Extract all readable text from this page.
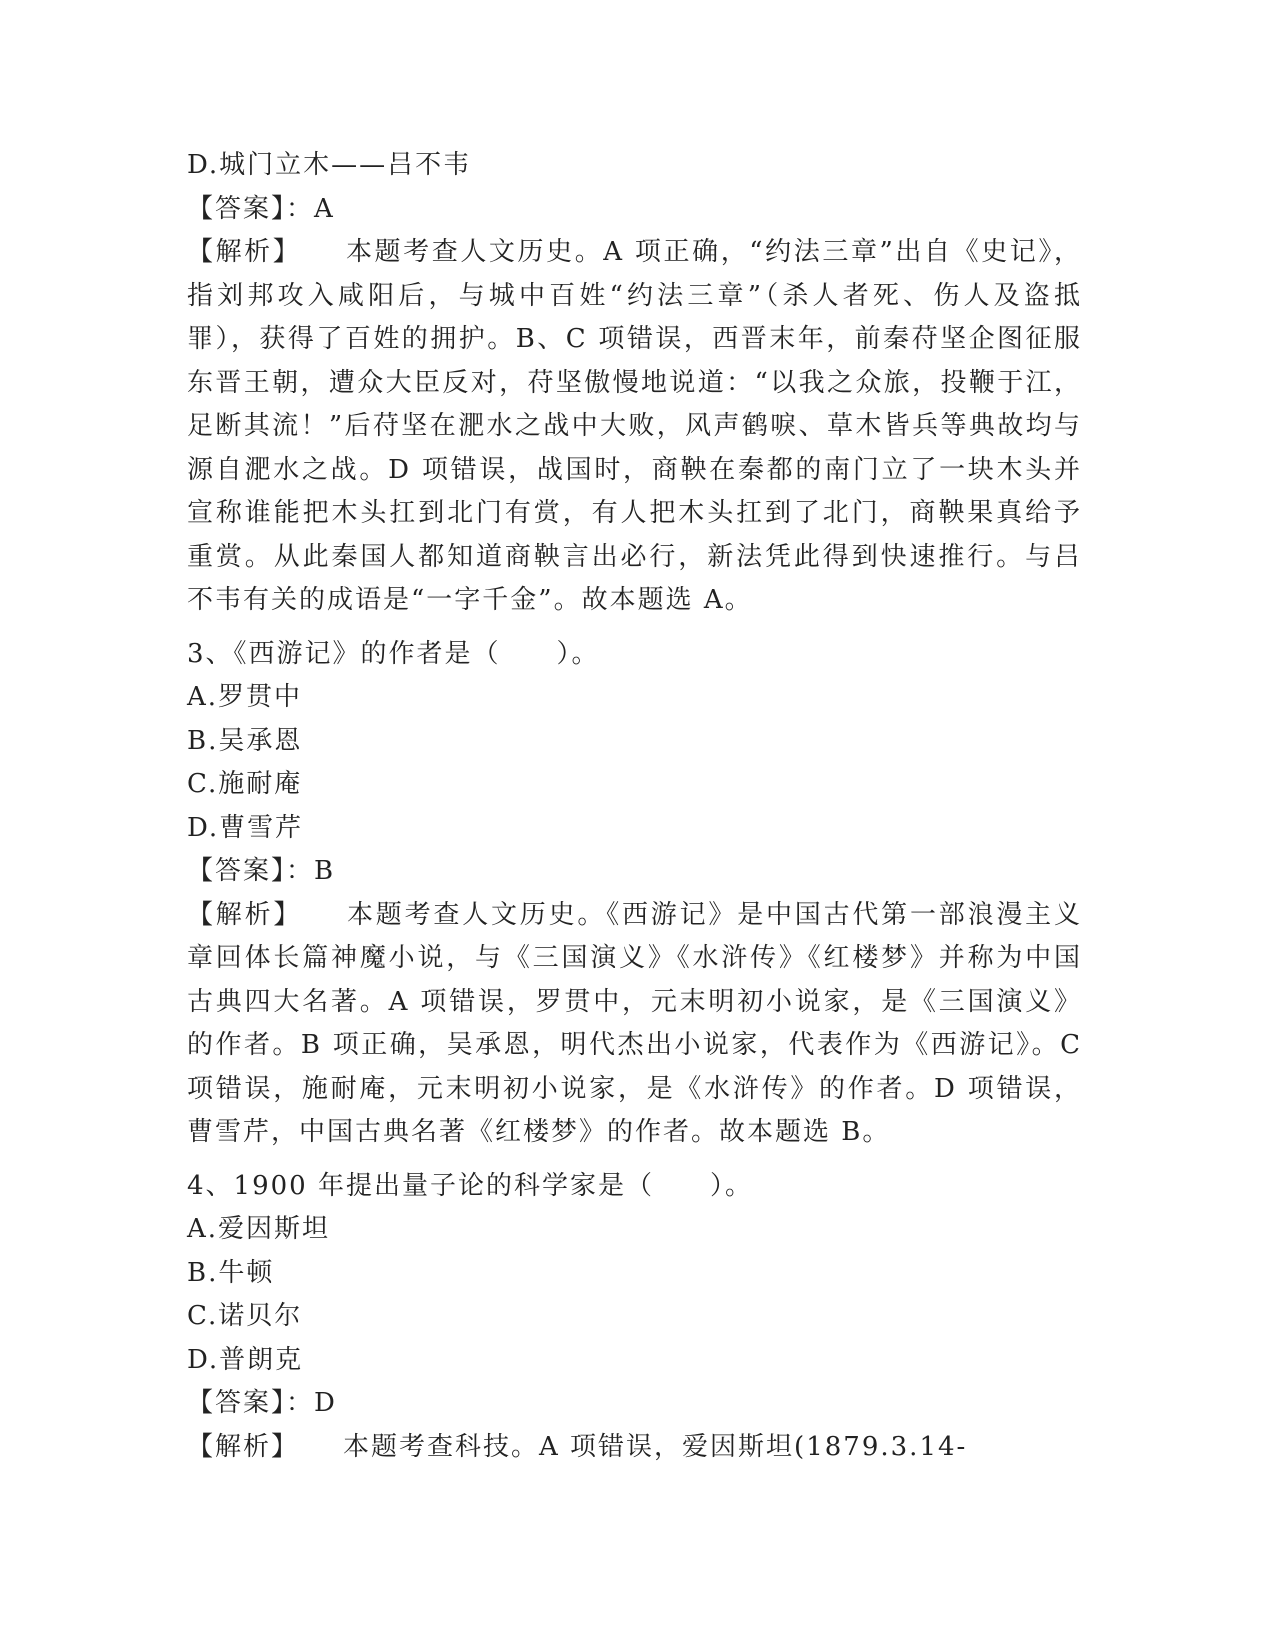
D.城门立木——吕不韦
【答案】：A
【解析】 本题考查人文历史。A 项正确，“约法三章”出自《史记》，指刘邦攻入咸阳后，与城中百姓“约法三章”（杀人者死、伤人及盗抵罪），获得了百姓的拥护。B、C 项错误，西晋末年，前秦苻坚企图征服东晋王朝，遭众大臣反对，苻坚傲慢地说道：“以我之众旅，投鞭于江，足断其流！”后苻坚在淝水之战中大败，风声鹤唳、草木皆兵等典故均与源自淝水之战。D 项错误，战国时，商鞅在秦都的南门立了一块木头并宣称谁能把木头扛到北门有赏，有人把木头扛到了北门，商鞅果真给予重赏。从此秦国人都知道商鞅言出必行，新法凭此得到快速推行。与吕不韦有关的成语是“一字千金”。故本题选 A。
3、《西游记》的作者是（　　）。
A.罗贯中
B.吴承恩
C.施耐庵
D.曹雪芹
【答案】：B
【解析】 本题考查人文历史。《西游记》是中国古代第一部浪漫主义章回体长篇神魔小说，与《三国演义》《水浒传》《红楼梦》并称为中国古典四大名著。A 项错误，罗贯中，元末明初小说家，是《三国演义》的作者。B 项正确，吴承恩，明代杰出小说家，代表作为《西游记》。C 项错误，施耐庵，元末明初小说家，是《水浒传》的作者。D 项错误，曹雪芹，中国古典名著《红楼梦》的作者。故本题选 B。
4、1900 年提出量子论的科学家是（　　）。
A.爱因斯坦
B.牛顿
C.诺贝尔
D.普朗克
【答案】：D
【解析】 本题考查科技。A 项错误，爱因斯坦(1879.3.14-
